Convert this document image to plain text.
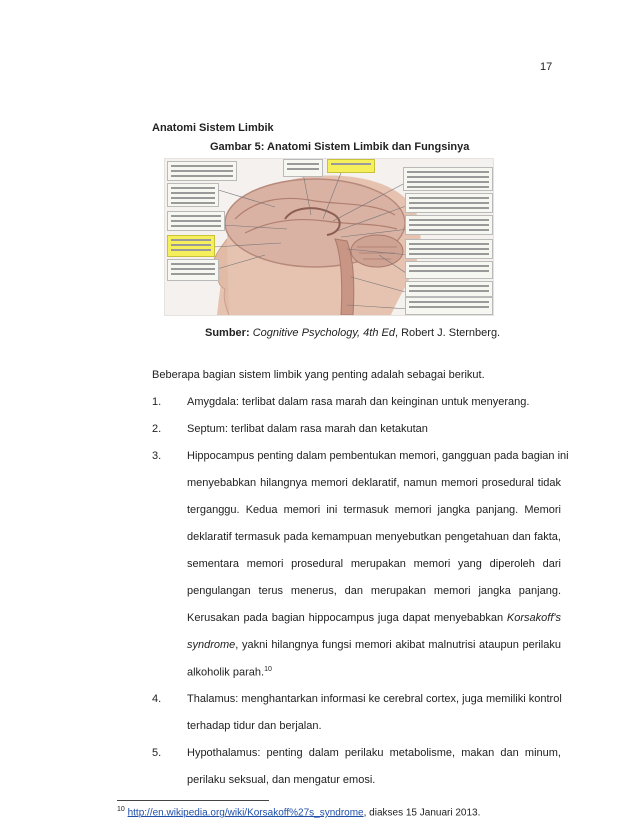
17
Anatomi Sistem Limbik
Gambar 5: Anatomi Sistem Limbik dan Fungsinya
Sumber: Cognitive Psychology, 4th Ed, Robert J. Sternberg.
Beberapa bagian sistem limbik yang penting adalah sebagai berikut.
1. Amygdala: terlibat dalam rasa marah dan keinginan untuk menyerang.
2. Septum: terlibat dalam rasa marah dan ketakutan
3. Hippocampus penting dalam pembentukan memori, gangguan pada bagian ini
menyebabkan hilangnya memori deklaratif, namun memori prosedural tidak
terganggu. Kedua memori ini termasuk memori jangka panjang. Memori
deklaratif termasuk pada kemampuan menyebutkan pengetahuan dan fakta,
sementara memori prosedural merupakan memori yang diperoleh dari
pengulangan terus menerus, dan merupakan memori jangka panjang.
Kerusakan pada bagian hippocampus juga dapat menyebabkan Korsakoff's
syndrome, yakni hilangnya fungsi memori akibat malnutrisi ataupun perilaku
alkoholik parah.$^{10}$
4. Thalamus: menghantarkan informasi ke cerebral cortex, juga memiliki kontrol
terhadap tidur dan berjalan.
5. Hypothalamus: penting dalam perilaku metabolisme, makan dan minum,
perilaku seksual, dan mengatur emosi.
$^{10}$ http://en.wikipedia.org/wiki/Korsakoff%27s_syndrome, diakses 15 Januari 2013.
